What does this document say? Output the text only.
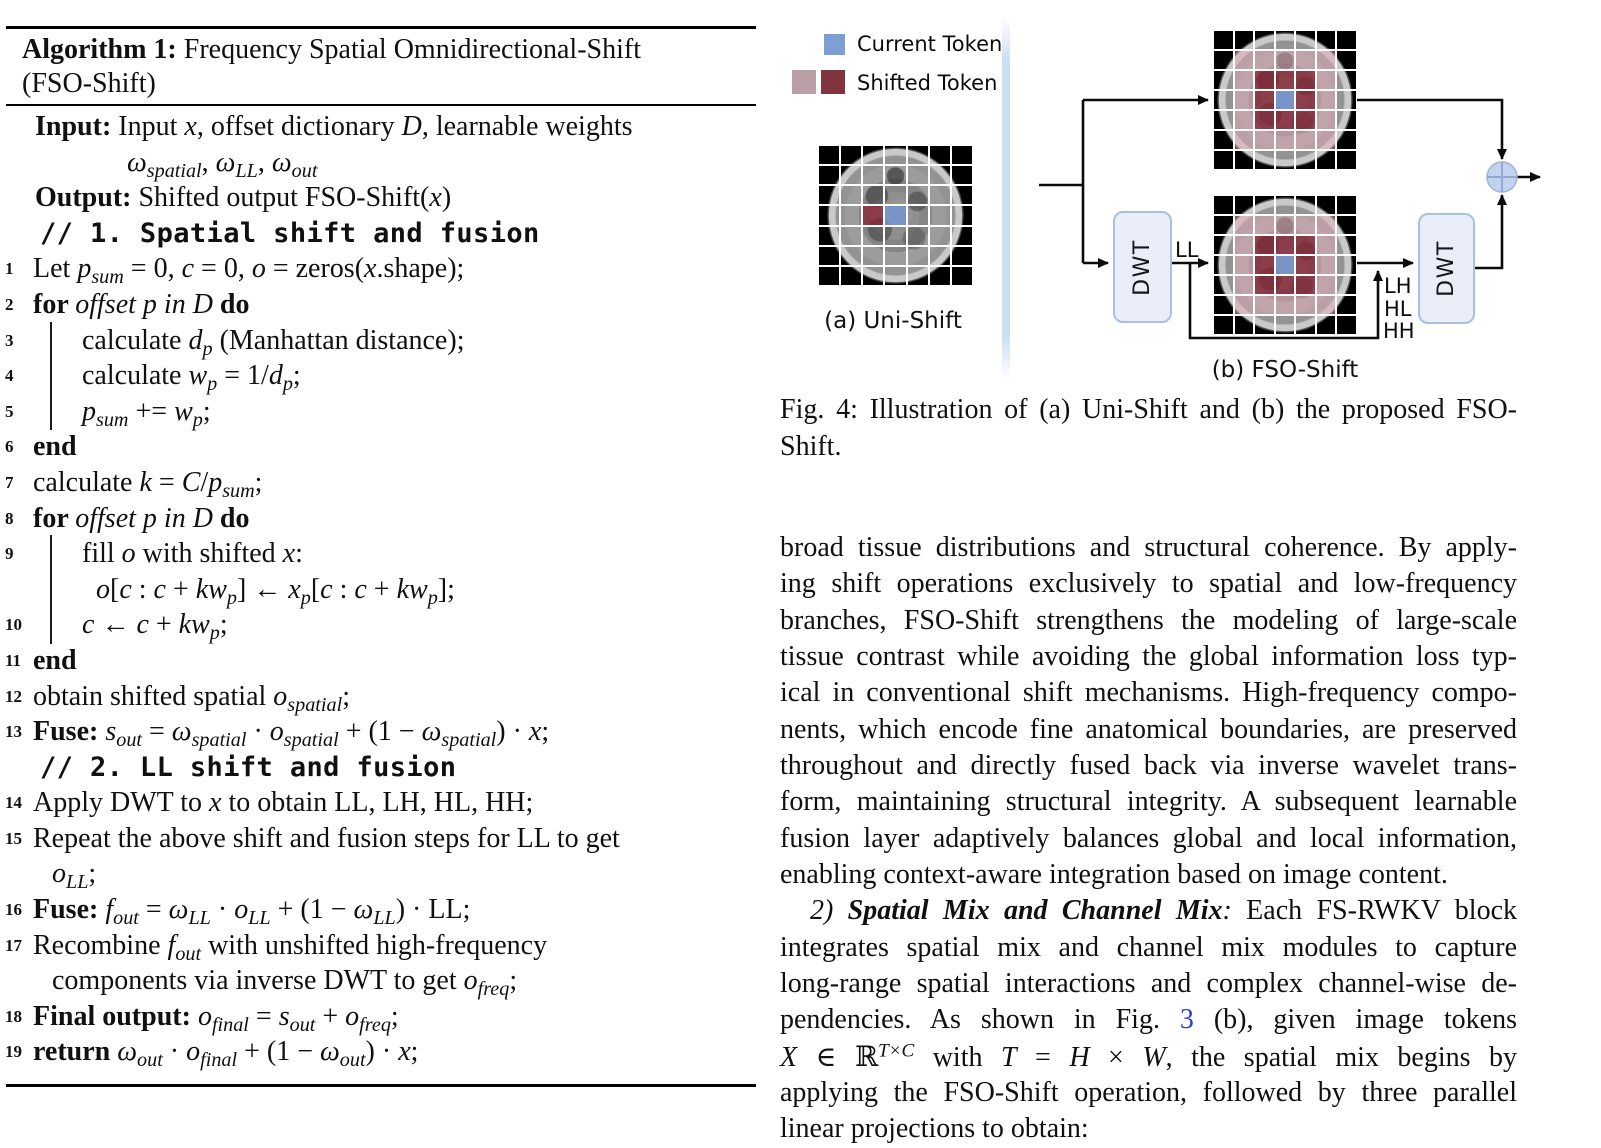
Algorithm 1: Frequency Spatial Omnidirectional-Shift
(FSO-Shift)
Input: Input x, offset dictionary D, learnable weights
$\omega_{spatial}$, $\omega_{LL}$, $\omega_{out}$
Output: Shifted output FSO-Shift(x)
// 1. Spatial shift and fusion
1 Let $p_{sum} = 0$, c = 0, o = zeros(x.shape);
2 for offset p in D do
3	calculate $d_p$ (Manhattan distance);
4	calculate $w_p = 1/d_p$;
5	$p_{sum} += w_p$;
6 end
7 calculate $k = C/p_{sum}$;
8 for offset p in D do
9	fill o with shifted x:
o[c : $c + kw_p$] ← $x_p[c$ : $c + kw_p$];
10	c ← $c + kw_p$;
11 end
12 obtain shifted spatial $o_{spatial}$;
13 Fuse: $s_{out} = \omega_{spatial} \cdot o_{spatial} + (1 - \omega_{spatial}) \cdot x$;
// 2. LL shift and fusion
14 Apply DWT to x to obtain LL, LH, HL, HH;
15 Repeat the above shift and fusion steps for LL to get
$o_{LL}$;
16 Fuse: $f_{out} = \omega_{LL} \cdot o_{LL} + (1 - \omega_{LL})$ · LL;
17 Recombine $f_{out}$ with unshifted high-frequency
components via inverse DWT to get $o_{freq}$;
18 Final output: $o_{final} = s_{out} + o_{freq}$;
19 return $\omega_{out} \cdot o_{final} + (1 - \omega_{out}) \cdot x$;
Current Token
Shifted Token
(a) Uni-Shift
DWT	DWT
LL
LH
HL
HH
(b) FSO-Shift
Fig. 4: Illustration of (a) Uni-Shift and (b) the proposed FSO-
Shift.
broad tissue distributions and structural coherence. By apply-
ing shift operations exclusively to spatial and low-frequency
branches, FSO-Shift strengthens the modeling of large-scale
tissue contrast while avoiding the global information loss typ-
ical in conventional shift mechanisms. High-frequency compo-
nents, which encode fine anatomical boundaries, are preserved
throughout and directly fused back via inverse wavelet trans-
form, maintaining structural integrity. A subsequent learnable
fusion layer adaptively balances global and local information,
enabling context-aware integration based on image content.
2) Spatial Mix and Channel Mix: Each FS-RWKV block
integrates spatial mix and channel mix modules to capture
long-range spatial interactions and complex channel-wise de-
pendencies. As shown in Fig. 3 (b), given image tokens
X ∈ ℝ$^{T\times C}$ with T = H × W, the spatial mix begins by
applying the FSO-Shift operation, followed by three parallel
linear projections to obtain:
